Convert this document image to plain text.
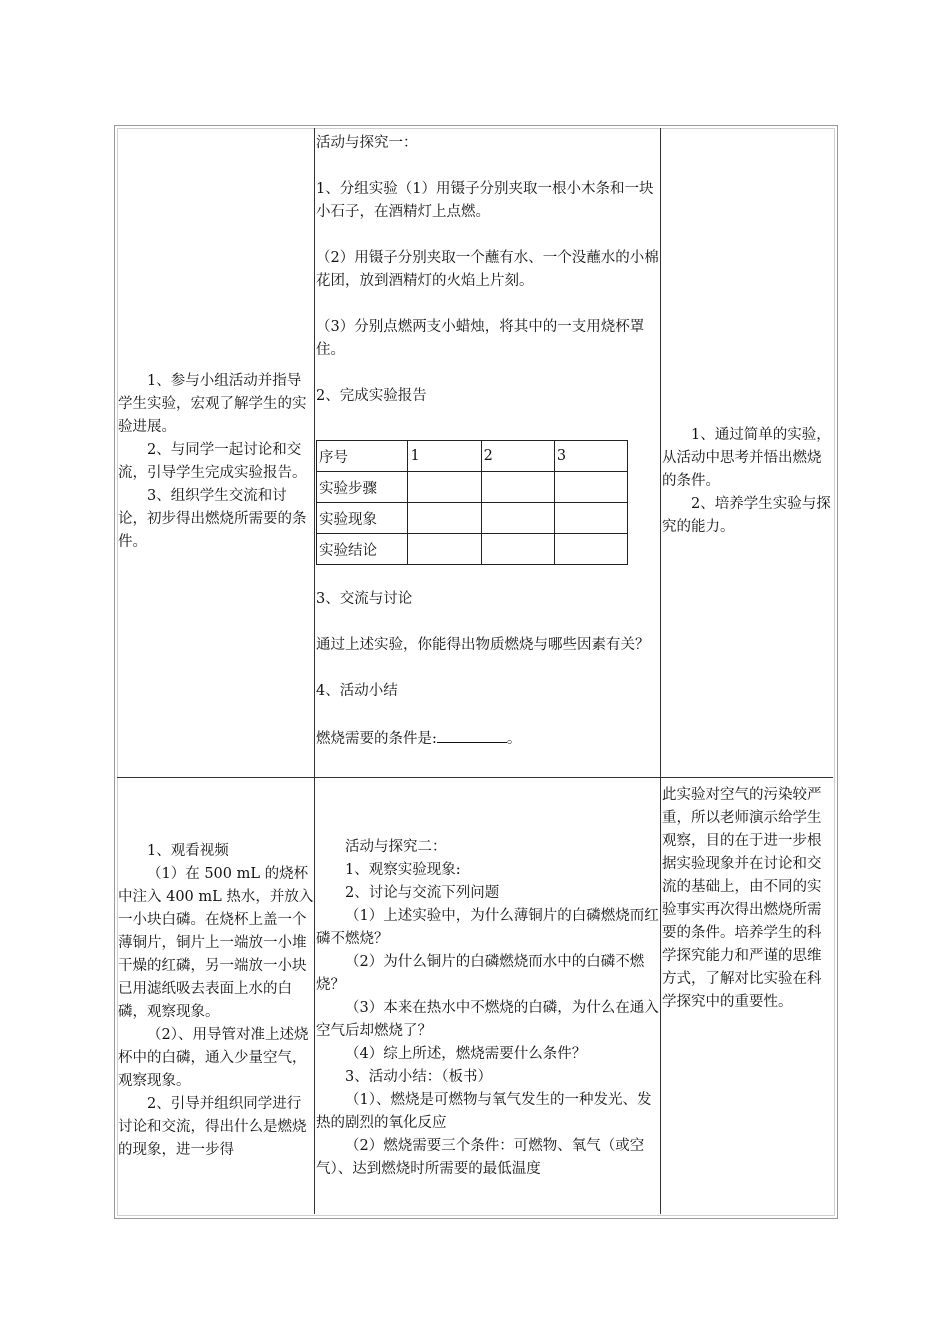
1、参与小组活动并指导学生实验，宏观了解学生的实验进展。
2、与同学一起讨论和交流，引导学生完成实验报告。
3、组织学生交流和讨论，初步得出燃烧所需要的条件。
活动与探究一：
1、分组实验（1）用镊子分别夹取一根小木条和一块小石子，在酒精灯上点燃。
（2）用镊子分别夹取一个蘸有水、一个没蘸水的小棉花团，放到酒精灯的火焰上片刻。
（3）分别点燃两支小蜡烛，将其中的一支用烧杯罩住。
2、完成实验报告
序号	1	2	3
实验步骤			
实验现象			
实验结论			
3、交流与讨论
通过上述实验，你能得出物质燃烧与哪些因素有关？
4、活动小结
燃烧需要的条件是:	。
1、通过简单的实验，从活动中思考并悟出燃烧的条件。
2、培养学生实验与探究的能力。
1、观看视频
（1）在 500 mL 的烧杯中注入 400 mL 热水，并放入一小块白磷。在烧杯上盖一个薄铜片，铜片上一端放一小堆干燥的红磷，另一端放一小块已用滤纸吸去表面上水的白磷，观察现象。
（2）、用导管对准上述烧杯中的白磷，通入少量空气，观察现象。
2、引导并组织同学进行讨论和交流，得出什么是燃烧的现象，进一步得
活动与探究二：
1、观察实验现象:
2、讨论与交流下列问题
（1）上述实验中，为什么薄铜片的白磷燃烧而红磷不燃烧？
（2）为什么铜片的白磷燃烧而水中的白磷不燃烧？
（3）本来在热水中不燃烧的白磷，为什么在通入空气后却燃烧了？
（4）综上所述，燃烧需要什么条件？
3、活动小结：（板书）
（1）、燃烧是可燃物与氧气发生的一种发光、发热的剧烈的氧化反应
（2）燃烧需要三个条件：可燃物、氧气（或空气）、达到燃烧时所需要的最低温度
此实验对空气的污染较严重，所以老师演示给学生观察，目的在于进一步根据实验现象并在讨论和交流的基础上，由不同的实验事实再次得出燃烧所需要的条件。培养学生的科学探究能力和严谨的思维方式，了解对比实验在科学探究中的重要性。
